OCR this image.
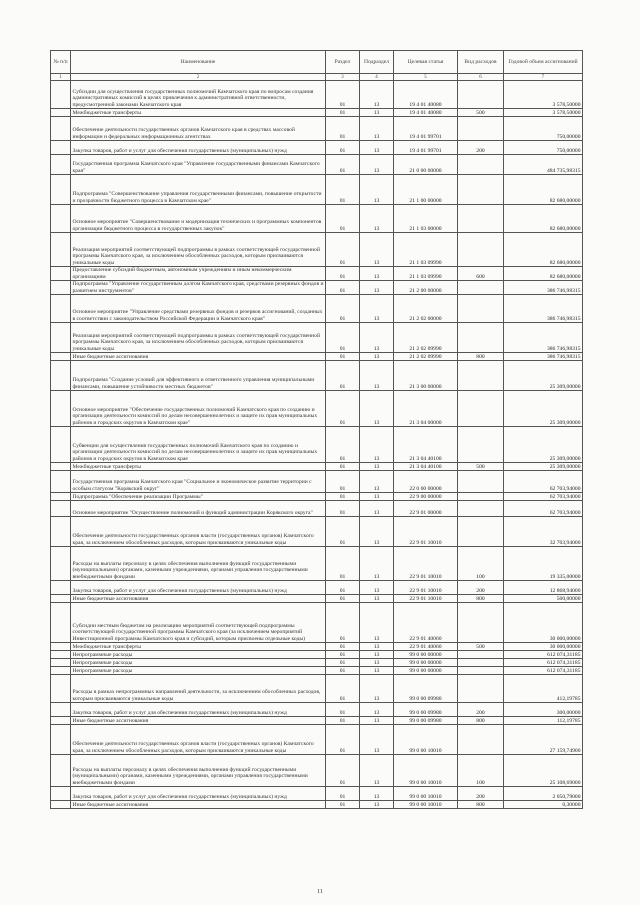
№ п/п	Наименование	Раздел	Подраздел	Целевая статья	Вид расходов	Годовой объем ассигнований
1	2	3	4	5	6	7
	Субсидии для осуществления государственных полномочий Камчатского края по вопросам создания административных комиссий в целях привлечения к административной ответственности, предусмотренной законами Камчатского края	01	13	19 4 01 40080		3 578,50000
	Межбюджетные трансферты	01	13	19 4 01 40080	500	3 578,50000
	Обеспечение деятельности государственных органов Камчатского края в средствах массовой информации и федеральных информационных агентствах	01	13	19 4 01 99701		750,00000
	Закупка товаров, работ и услуг для обеспечения государственных (муниципальных) нужд	01	13	19 4 01 99701	200	750,00000
	Государственная программа Камчатского края "Управление государственными финансами Камчатского края"	01	13	21 0 00 00000		484 735,98315
	Подпрограмма "Совершенствование управления государственными финансами, повышение открытости и прозрачности бюджетного процесса в Камчатском крае"	01	13	21 1 00 00000		82 680,00000
	Основное мероприятие "Совершенствование и модернизация технических и программных компонентов организации бюджетного процесса в государственных закупок"	01	13	21 1 03 00000		82 680,00000
	Реализация мероприятий соответствующей подпрограммы в рамках соответствующей государственной программы Камчатского края, за исключением обособленных расходов, которым присваиваются уникальные коды	01	13	21 1 03 09990		82 680,00000
	Предоставление субсидий бюджетным, автономным учреждениям и иным некоммерческим организациям	01	13	21 1 03 09990	600	82 680,00000
	Подпрограмма "Управление государственным долгом Камчатского края, средствами резервных фондов и развитием инструментов"	01	13	21 2 00 00000		386 746,98315
	Основное мероприятие "Управление средствами резервных фондов и резервов ассигнований, созданных в соответствии с законодательством Российской Федерации и Камчатского края"	01	13	21 2 02 00000		386 746,98315
	Реализация мероприятий соответствующей подпрограммы в рамках соответствующей государственной программы Камчатского края, за исключением обособленных расходов, которым присваиваются уникальные коды	01	13	21 2 02 09990		386 746,98315
	Иные бюджетные ассигнования	01	13	21 2 02 09990	800	386 746,98315
	Подпрограмма "Создание условий для эффективного и ответственного управления муниципальными финансами, повышение устойчивости местных бюджетов"	01	13	21 3 00 00000		25 309,00000
	Основное мероприятие "Обеспечение государственных полномочий Камчатского края по созданию и организации деятельности комиссий по делам несовершеннолетних и защите их прав муниципальных районов и городских округов в Камчатском крае"	01	13	21 3 04 00000		25 309,00000
	Субвенции для осуществления государственных полномочий Камчатского края по созданию и организации деятельности комиссий по делам несовершеннолетних и защите их прав муниципальных районов и городских округов в Камчатском крае	01	13	21 3 04 40100		25 309,00000
	Межбюджетные трансферты	01	13	21 3 04 40100	500	25 309,00000
	Государственная программа Камчатского края "Социальное и экономическое развитие территории с особым статусом "Корякский округ"	01	13	22 0 00 00000		62 703,94000
	Подпрограмма "Обеспечение реализации Программы"	01	13	22 9 00 00000		62 703,94000
	Основное мероприятие "Осуществление полномочий и функций администрации Корякского округа"	01	13	22 9 01 00000		62 703,94000
	Обеспечение деятельности государственных органов власти (государственных органов) Камчатского края, за исключением обособленных расходов, которым присваиваются уникальные коды	01	13	22 9 01 10010		32 703,94000
	Расходы на выплаты персоналу в целях обеспечения выполнения функций государственными (муниципальными) органами, казенными учреждениями, органами управления государственными внебюджетными фондами	01	13	22 9 01 10010	100	19 335,00000
	Закупка товаров, работ и услуг для обеспечения государственных (муниципальных) нужд	01	13	22 9 01 10010	200	12 868,94000
	Иные бюджетные ассигнования	01	13	22 9 01 10010	800	500,00000
	Субсидии местным бюджетам на реализацию мероприятий соответствующей подпрограммы соответствующей государственной программы Камчатского края (за исключением мероприятий Инвестиционной программы Камчатского края и субсидий, которым присвоены отдельные коды)	01	13	22 9 01 40060		30 000,00000
	Межбюджетные трансферты	01	13	22 9 01 40060	500	30 000,00000
	Непрограммные расходы	01	13	99 0 00 00000		612 074,31185
	Непрограммные расходы	01	13	99 0 00 00000		612 074,31185
	Непрограммные расходы	01	13	99 0 00 00000		612 074,31185
	Расходы в рамках непрограммных направлений деятельности, за исключением обособленных расходов, которым присваиваются уникальные коды	01	13	99 0 00 09980		412,19785
	Закупка товаров, работ и услуг для обеспечения государственных (муниципальных) нужд	01	13	99 0 00 09980	200	300,00000
	Иные бюджетные ассигнования	01	13	99 0 00 09980	800	112,19785
	Обеспечение деятельности государственных органов власти (государственных органов) Камчатского края, за исключением обособленных расходов, которым присваиваются уникальные коды	01	13	99 0 00 10010		27 159,74900
	Расходы на выплаты персоналу в целях обеспечения выполнения функций государственными (муниципальными) органами, казенными учреждениями, органами управления государственными внебюджетными фондами	01	13	99 0 00 10010	100	25 108,69000
	Закупка товаров, работ и услуг для обеспечения государственных (муниципальных) нужд	01	13	99 0 00 10010	200	2 050,79000
	Иные бюджетные ассигнования	01	13	99 0 00 10010	800	0,30000
11
